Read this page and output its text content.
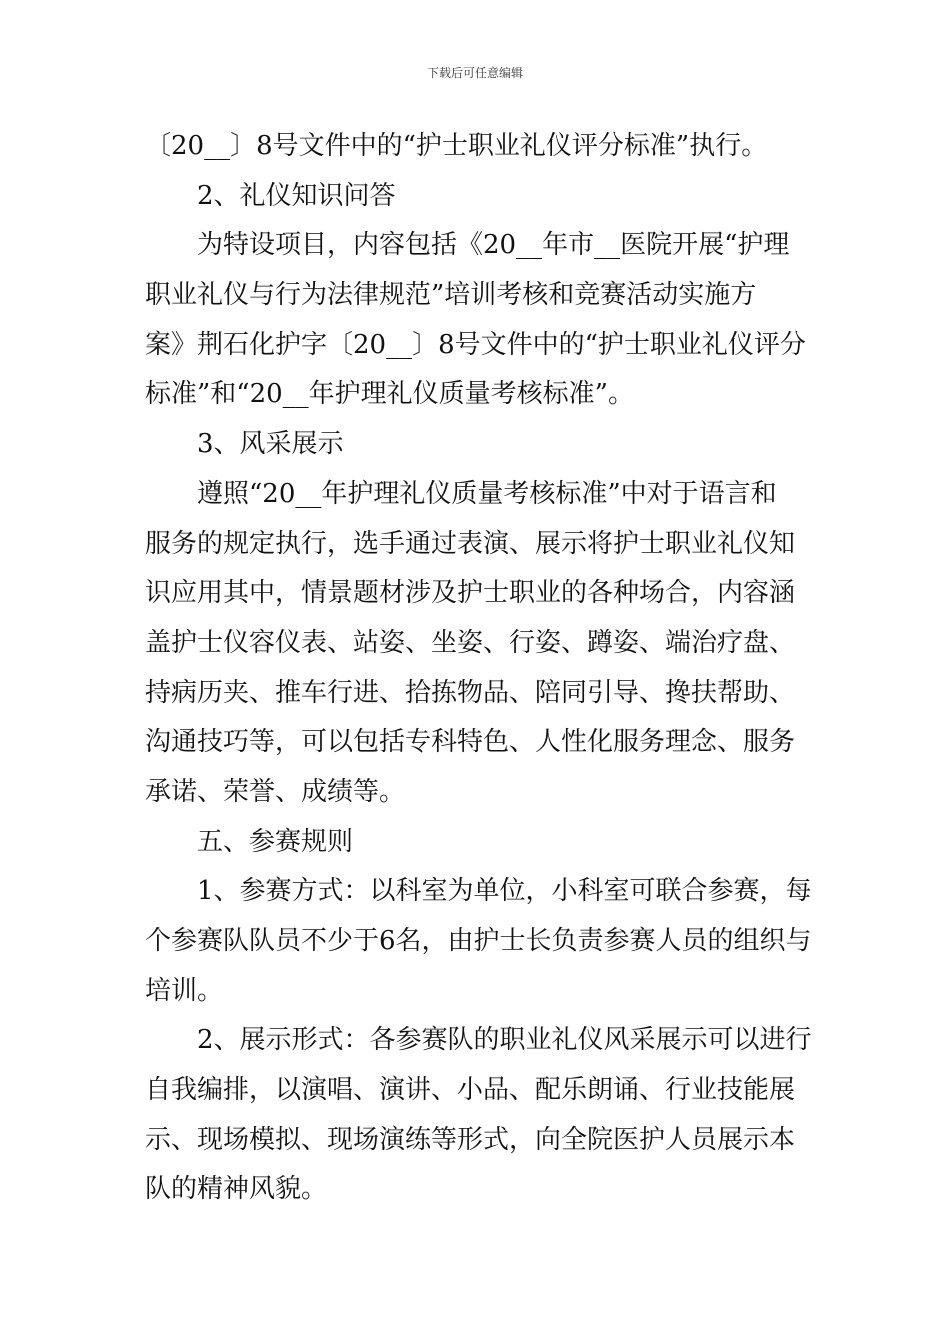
下载后可任意编辑
〔20__〕8号文件中的“护士职业礼仪评分标准”执行。
2、礼仪知识问答
为特设项目，内容包括《20__年市__医院开展“护理
职业礼仪与行为法律规范”培训考核和竞赛活动实施方
案》荆石化护字〔20__〕8号文件中的“护士职业礼仪评分
标准”和“20__年护理礼仪质量考核标准”。
3、风采展示
遵照“20__年护理礼仪质量考核标准”中对于语言和
服务的规定执行，选手通过表演、展示将护士职业礼仪知
识应用其中，情景题材涉及护士职业的各种场合，内容涵
盖护士仪容仪表、站姿、坐姿、行姿、蹲姿、端治疗盘、
持病历夹、推车行进、拾拣物品、陪同引导、搀扶帮助、
沟通技巧等，可以包括专科特色、人性化服务理念、服务
承诺、荣誉、成绩等。
五、参赛规则
1、参赛方式：以科室为单位，小科室可联合参赛，每
个参赛队队员不少于6名，由护士长负责参赛人员的组织与
培训。
2、展示形式：各参赛队的职业礼仪风采展示可以进行
自我编排，以演唱、演讲、小品、配乐朗诵、行业技能展
示、现场模拟、现场演练等形式，向全院医护人员展示本
队的精神风貌。
